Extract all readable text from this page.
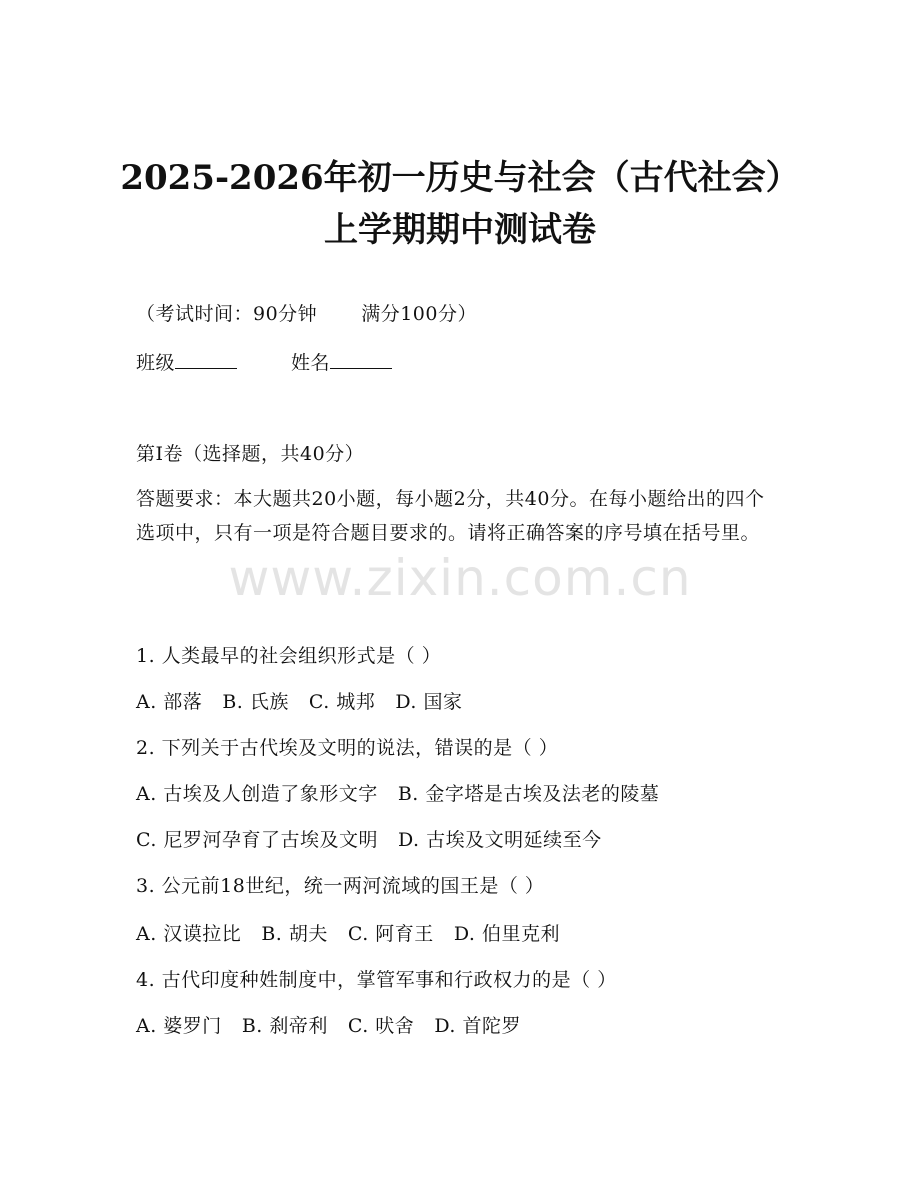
2025-2026年初一历史与社会（古代社会）
上学期期中测试卷
（考试时间：90分钟 满分100分）
班级	姓名
第Ⅰ卷（选择题，共40分）
答题要求：本大题共20小题，每小题2分，共40分。在每小题给出的四个选项中，只有一项是符合题目要求的。请将正确答案的序号填在括号里。
www.zixin.com.cn
1. 人类最早的社会组织形式是（ ）
A. 部落 B. 氏族 C. 城邦 D. 国家
2. 下列关于古代埃及文明的说法，错误的是（ ）
A. 古埃及人创造了象形文字 B. 金字塔是古埃及法老的陵墓
C. 尼罗河孕育了古埃及文明 D. 古埃及文明延续至今
3. 公元前18世纪，统一两河流域的国王是（ ）
A. 汉谟拉比 B. 胡夫 C. 阿育王 D. 伯里克利
4. 古代印度种姓制度中，掌管军事和行政权力的是（ ）
A. 婆罗门 B. 刹帝利 C. 吠舍 D. 首陀罗
